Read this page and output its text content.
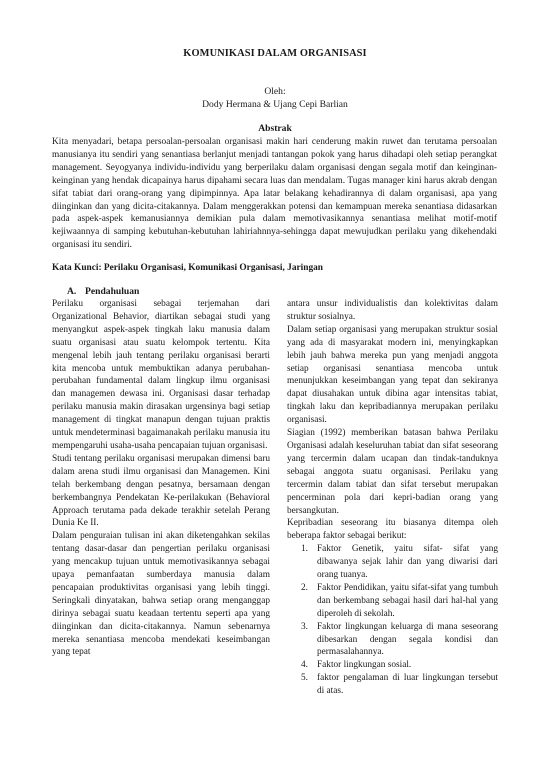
KOMUNIKASI DALAM ORGANISASI
Oleh:
Dody Hermana & Ujang Cepi Barlian
Abstrak

Kita menyadari, betapa persoalan-persoalan organisasi makin hari cenderung makin ruwet dan terutama persoalan manusianya itu sendiri yang senantiasa berlanjut menjadi tantangan pokok yang harus dihadapi oleh setiap perangkat management. Seyogyanya individu-individu yang berperilaku dalam organisasi dengan segala motif dan keinginan-keinginan yang hendak dicapainya harus dipahami secara luas dan mendalam. Tugas manager kini harus akrab dengan sifat tabiat dari orang-orang yang dipimpinnya. Apa latar belakang kehadirannya di dalam organisasi, apa yang diinginkan dan yang dicita-citakannya. Dalam menggerakkan potensi dan kemampuan mereka senantiasa didasarkan pada aspek-aspek kemanusiannya demikian pula dalam memotivasikannya senantiasa melihat motif-motif kejiwaannya di samping kebutuhan-kebutuhan lahiriahnnya-sehingga dapat mewujudkan perilaku yang dikehendaki organisasi itu sendiri.

Kata Kunci: Perilaku Organisasi, Komunikasi Organisasi, Jaringan

A. Pendahuluan

Perilaku organisasi sebagai terjemahan dari Organizational Behavior, diartikan sebagai studi yang menyangkut aspek-aspek tingkah laku manusia dalam suatu organisasi atau suatu kelompok tertentu. Kita mengenal lebih jauh tentang perilaku organisasi berarti kita mencoba untuk membuktikan adanya perubahan-perubahan fundamental dalam lingkup ilmu organisasi dan managemen dewasa ini. Organisasi dasar terhadap perilaku manusia makin dirasakan urgensinya bagi setiap management di tingkat manapun dengan tujuan praktis untuk mendeterminasi bagaimanakah perilaku manusia itu mempengaruhi usaha-usaha pencapaian tujuan organisasi.

Studi tentang perilaku organisasi merupakan dimensi baru dalam arena studi ilmu organisasi dan Managemen. Kini telah berkembang dengan pesatnya, bersamaan dengan berkembangnya Pendekatan Ke-perilakukan (Behavioral Approach terutama pada dekade terakhir setelah Perang Dunia Ke II.

Dalam penguraian tulisan ini akan diketengahkan sekilas tentang dasar-dasar dan pengertian perilaku organisasi yang mencakup tujuan untuk memotivasikannya sebagai upaya pemanfaatan sumberdaya manusia dalam pencapaian produktivitas organisasi yang lebih tinggi. Seringkali dinyatakan, bahwa setiap orang menganggap dirinya sebagai suatu keadaan tertentu seperti apa yang diinginkan dan dicita-citakannya. Namun sebenarnya mereka senantiasa mencoba mendekati keseimbangan yang tepat

antara unsur individualistis dan kolektivitas dalam struktur sosialnya.

Dalam setiap organisasi yang merupakan struktur sosial yang ada di masyarakat modern ini, menyingkapkan lebih jauh bahwa mereka pun yang menjadi anggota setiap organisasi senantiasa mencoba untuk menunjukkan keseimbangan yang tepat dan sekiranya dapat diusahakan untuk dibina agar intensitas tabiat, tingkah laku dan kepribadiannya merupakan perilaku organisasi.

Siagian (1992) memberikan batasan bahwa Perilaku Organisasi adalah keseluruhan tabiat dan sifat seseorang yang tercermin dalam ucapan dan tindak-tanduknya sebagai anggota suatu organisasi. Perilaku yang tercermin dalam tabiat dan sifat tersebut merupakan pencerminan pola dari kepri-badian orang yang bersangkutan.

Kepribadian seseorang itu biasanya ditempa oleh beberapa faktor sebagai berikut:

1. Faktor Genetik, yaitu sifat- sifat yang dibawanya sejak lahir dan yang diwarisi dari orang tuanya.
2. Faktor Pendidikan, yaitu sifat-sifat yang tumbuh dan berkembang sebagai hasil dari hal-hal yang diperoleh di sekolah.
3. Faktor lingkungan keluarga di mana seseorang dibesarkan dengan segala kondisi dan permasalahannya.
4. Faktor lingkungan sosial.
5. faktor pengalaman di luar lingkungan tersebut di atas.
